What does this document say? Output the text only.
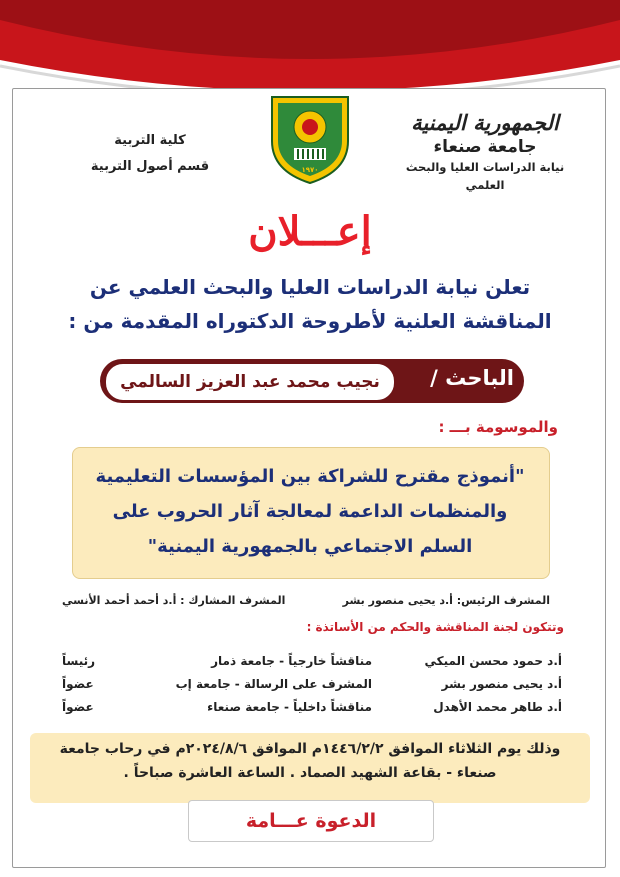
الجمهورية اليمنية
جامعة صنعاء
نيابة الدراسات العليا والبحث العلمي
كلية التربية
قسم أصول التربية	١٩٧٠
إعـــلان
تعلن نيابة الدراسات العليا والبحث العلمي عن
المناقشة العلنية لأطروحة الدكتوراه المقدمة من :
الباحث /
نجيب محمد عبد العزيز السالمي
والموسومة بـــ :
"أنموذج مقترح للشراكة بين المؤسسات التعليمية
والمنظمات الداعمة لمعالجة آثار الحروب على
السلم الاجتماعي بالجمهورية اليمنية"
المشرف الرئيس: أ.د يحيى منصور بشر
المشرف المشارك : أ.د أحمد أحمد الأنسي
وتتكون لجنة المناقشة والحكم من الأساتذة :
أ.د حمود محسن الميكي
مناقشاً خارجياً - جامعة ذمار
رئيساً
أ.د يحيى منصور بشر
المشرف على الرسالة - جامعة إب
عضواً
أ.د طاهر محمد الأهدل
مناقشاً داخلياً - جامعة صنعاء
عضواً
وذلك يوم الثلاثاء الموافق ١٤٤٦/٢/٢م الموافق ٢٠٢٤/٨/٦م في رحاب جامعة
صنعاء - بقاعة الشهيد الصماد . الساعة العاشرة صباحاً .
الدعوة عـــامة
